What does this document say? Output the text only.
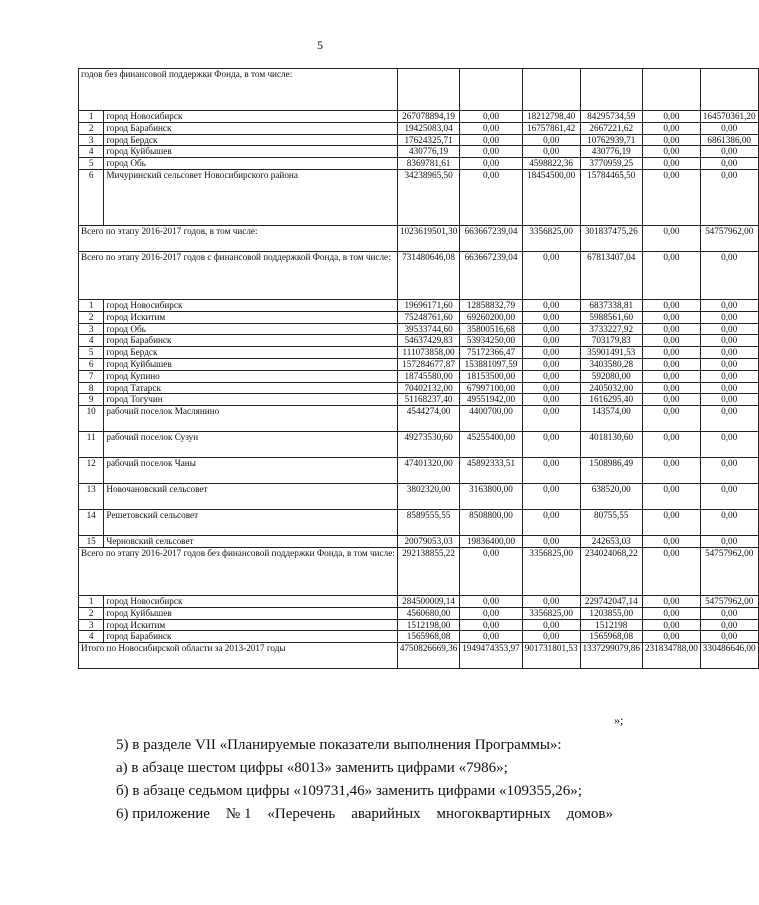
5
годов без финансовой поддержки Фонда, в том числе:							
1	город Новосибирск	267078894,19	0,00	18212798,40	84295734,59	0,00	164570361,20
2	город Барабинск	19425083,04	0,00	16757861,42	2667221,62	0,00	0,00
3	город Бердск	17624325,71	0,00	0,00	10762939,71	0,00	6861386,00
4	город Куйбышев	430776,19	0,00	0,00	430776,19	0,00	0,00
5	город Обь	8369781,61	0,00	4598822,36	3770959,25	0,00	0,00
6	Мичуринский сельсовет Новосибирского района	34238965,50	0,00	18454500,00	15784465,50	0,00	0,00
Всего по этапу 2016-2017 годов, в том числе:		1023619501,30	663667239,04	3356825,00	301837475,26	0,00	54757962,00
Всего по этапу 2016-2017 годов с финансовой поддержкой Фонда, в том числе:		731480646,08	663667239,04	0,00	67813407,04	0,00	0,00
1	город Новосибирск	19696171,60	12858832,79	0,00	6837338,81	0,00	0,00
2	город Искитим	75248761,60	69260200,00	0,00	5988561,60	0,00	0,00
3	город Обь	39533744,60	35800516,68	0,00	3733227,92	0,00	0,00
4	город Барабинск	54637429,83	53934250,00	0,00	703179,83	0,00	0,00
5	город Бердск	111073858,00	75172366,47	0,00	35901491,53	0,00	0,00
6	город Куйбышев	157284677,87	153881097,59	0,00	3403580,28	0,00	0,00
7	город Купино	18745580,00	18153500,00	0,00	592080,00	0,00	0,00
8	город Татарск	70402132,00	67997100,00	0,00	2405032,00	0,00	0,00
9	город Тогучин	51168237,40	49551942,00	0,00	1616295,40	0,00	0,00
10	рабочий поселок Маслянино	4544274,00	4400700,00	0,00	143574,00	0,00	0,00
11	рабочий поселок Сузун	49273530,60	45255400,00	0,00	4018130,60	0,00	0,00
12	рабочий поселок Чаны	47401320,00	45892333,51	0,00	1508986,49	0,00	0,00
13	Новочановский сельсовет	3802320,00	3163800,00	0,00	638520,00	0,00	0,00
14	Решетовский сельсовет	8589555,55	8508800,00	0,00	80755,55	0,00	0,00
15	Черновский сельсовет	20079053,03	19836400,00	0,00	242653,03	0,00	0,00
Всего по этапу 2016-2017 годов без финансовой поддержки Фонда, в том числе:		292138855,22	0,00	3356825,00	234024068,22	0,00	54757962,00
1	город Новосибирск	284500009,14	0,00	0,00	229742047,14	0,00	54757962,00
2	город Куйбышев	4560680,00	0,00	3356825,00	1203855,00	0,00	0,00
3	город Искитим	1512198,00	0,00	0,00	1512198	0,00	0,00
4	город Барабинск	1565968,08	0,00	0,00	1565968,08	0,00	0,00
Итого по Новосибирской области за 2013-2017 годы		4750826669,36	1949474353,97	901731801,53	1337299079,86	231834788,00	330486646,00
»;
5) в разделе VII «Планируемые показатели выполнения Программы»:
а) в абзаце шестом цифры «8013» заменить цифрами «7986»;
б) в абзаце седьмом цифры «109731,46» заменить цифрами «109355,26»;
6) приложение № 1 «Перечень аварийных многоквартирных домов»
